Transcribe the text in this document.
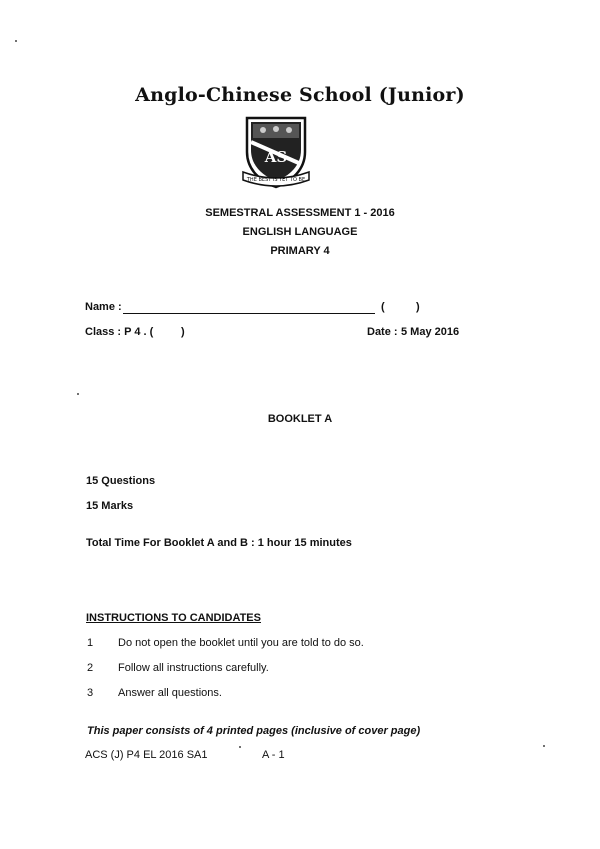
Anglo-Chinese School (Junior)
AS
THE BEST IS YET TO BE
SEMESTRAL ASSESSMENT 1 - 2016
ENGLISH LANGUAGE
PRIMARY 4
Name :	(	)
Class : P 4 . (	)	Date : 5 May 2016
BOOKLET A
15 Questions
15 Marks
Total Time For Booklet A and B : 1 hour 15 minutes
INSTRUCTIONS TO CANDIDATES
1 Do not open the booklet until you are told to do so.
2 Follow all instructions carefully.
3 Answer all questions.
This paper consists of 4 printed pages (inclusive of cover page)
ACS (J) P4 EL 2016 SA1	A - 1
